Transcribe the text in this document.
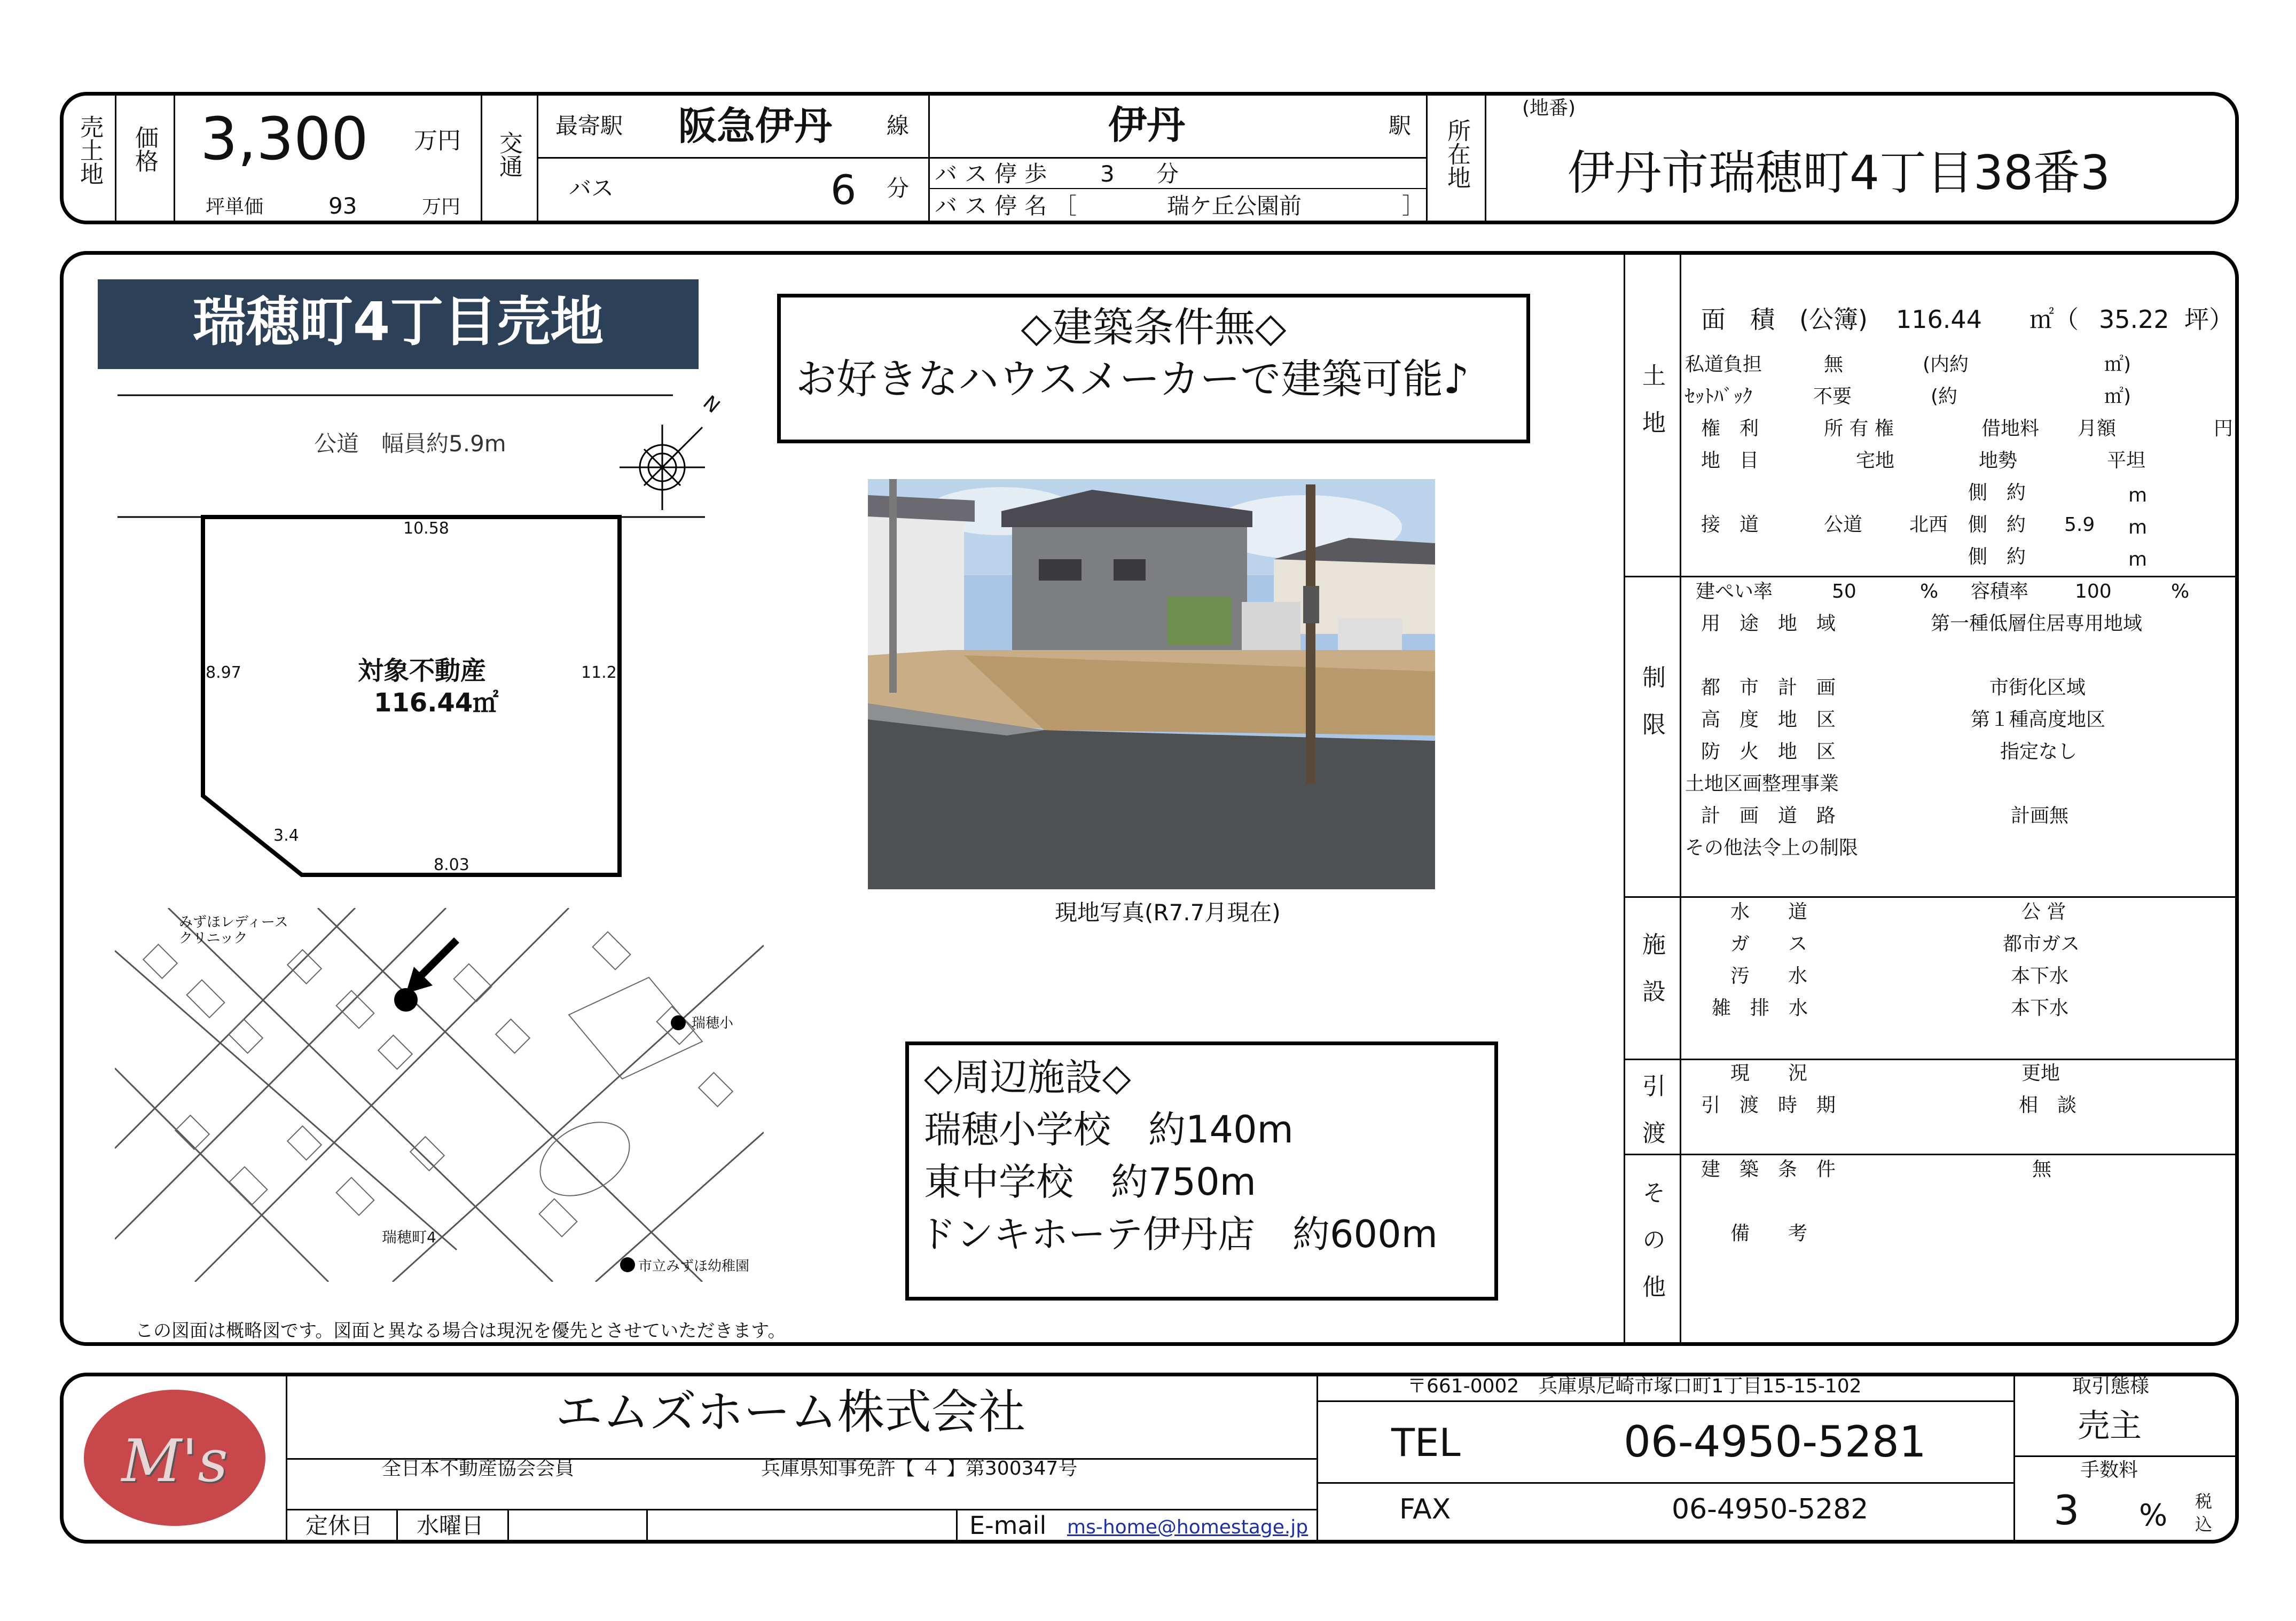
売土地 価格 3,300 万円
坪単価	93	万円
交通
最寄駅 阪急伊丹 線
バス	6 分
伊丹	駅
バス停歩 3 分
バス停名［	瑞ケ丘公園前	］
所在地
(地番)
伊丹市瑞穂町4丁目38番3
瑞穂町4丁目売地	◇建築条件無◇
お好きなハウスメーカーで建築可能♪
公道　幅員約5.9m
N
10.58
8.97	11.2
3.4
8.03
対象不動産
116.44㎡
現地写真(R7.7月現在)
みずほレディース
クリニック
瑞穂小
瑞穂町4
市立みずほ幼稚園
◇周辺施設◇
瑞穂小学校　約140m
東中学校　約750m
ドンキホーテ伊丹店　約600m
この図面は概略図です。図面と異なる場合は現況を優先とさせていただきます。
土　地
面　積　(公簿) 116.44 ㎡（ 35.22 坪）
私道負担	無	(内約	㎡)
ｾｯﾄﾊﾞｯｸ	不要	(約	㎡)
権　利	所 有 権	借地料 月額	円
地　目	宅地	地勢	平坦
側　約	m
接　道	公道 北西 側　約 5.9 m
側　約	m
制　限
建ぺい率	50	% 容積率 100	%
用　途　地　域	第一種低層住居専用地域
都　市　計　画	市街化区域
高　度　地　区	第１種高度地区
防　火　地　区	指定なし
土地区画整理事業
計　画　道　路	計画無
その他法令上の制限
施　設
水　　道	公 営
ガ　　ス	都市ガス
汚　　水	本下水
雑　排　水	本下水
引　渡
現　　況	更地
引　渡　時　期	相　談
そ　の　他
建　築　条　件	無
備　　考
M's
エムズホーム株式会社
全日本不動産協会会員	兵庫県知事免許【 ４ 】第300347号
定休日 水曜日	E-mail ms-home@homestage.jp
〒661-0002　兵庫県尼崎市塚口町1丁目15-15-102
TEL	06-4950-5281
FAX	06-4950-5282
取引態様
売主
手数料
3 % 税込
